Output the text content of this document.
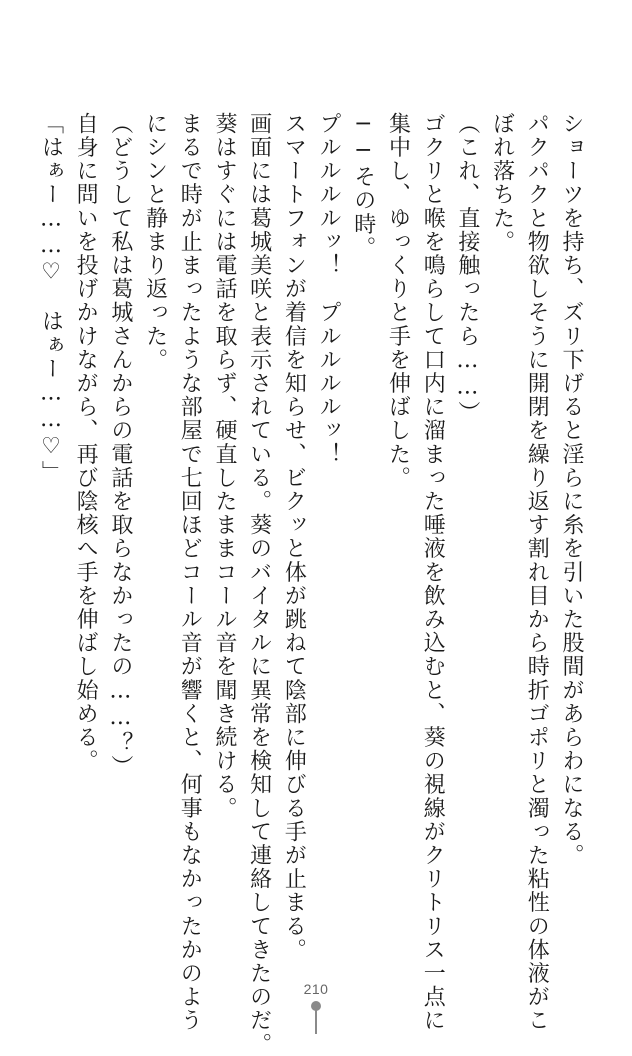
ショーツを持ち、ズリ下げると淫らに糸を引いた股間があらわになる。
パクパクと物欲しそうに開閉を繰り返す割れ目から時折ゴポリと濁った粘性の体液がこ
ぼれ落ちた。
（これ、直接触ったら……）
ゴクリと喉を鳴らして口内に溜まった唾液を飲み込むと、葵の視線がクリトリス一点に
集中し、ゆっくりと手を伸ばした。
──その時。
プルルルルッ！　プルルルルッ！
スマートフォンが着信を知らせ、ビクッと体が跳ねて陰部に伸びる手が止まる。
画面には葛城美咲と表示されている。葵のバイタルに異常を検知して連絡してきたのだ。
葵はすぐには電話を取らず、硬直したままコール音を聞き続ける。
まるで時が止まったような部屋で七回ほどコール音が響くと、何事もなかったかのよう
にシンと静まり返った。
（どうして私は葛城さんからの電話を取らなかったの……？）
自身に問いを投げかけながら、再び陰核へ手を伸ばし始める。
「はぁー……♡　はぁー……♡」
210
